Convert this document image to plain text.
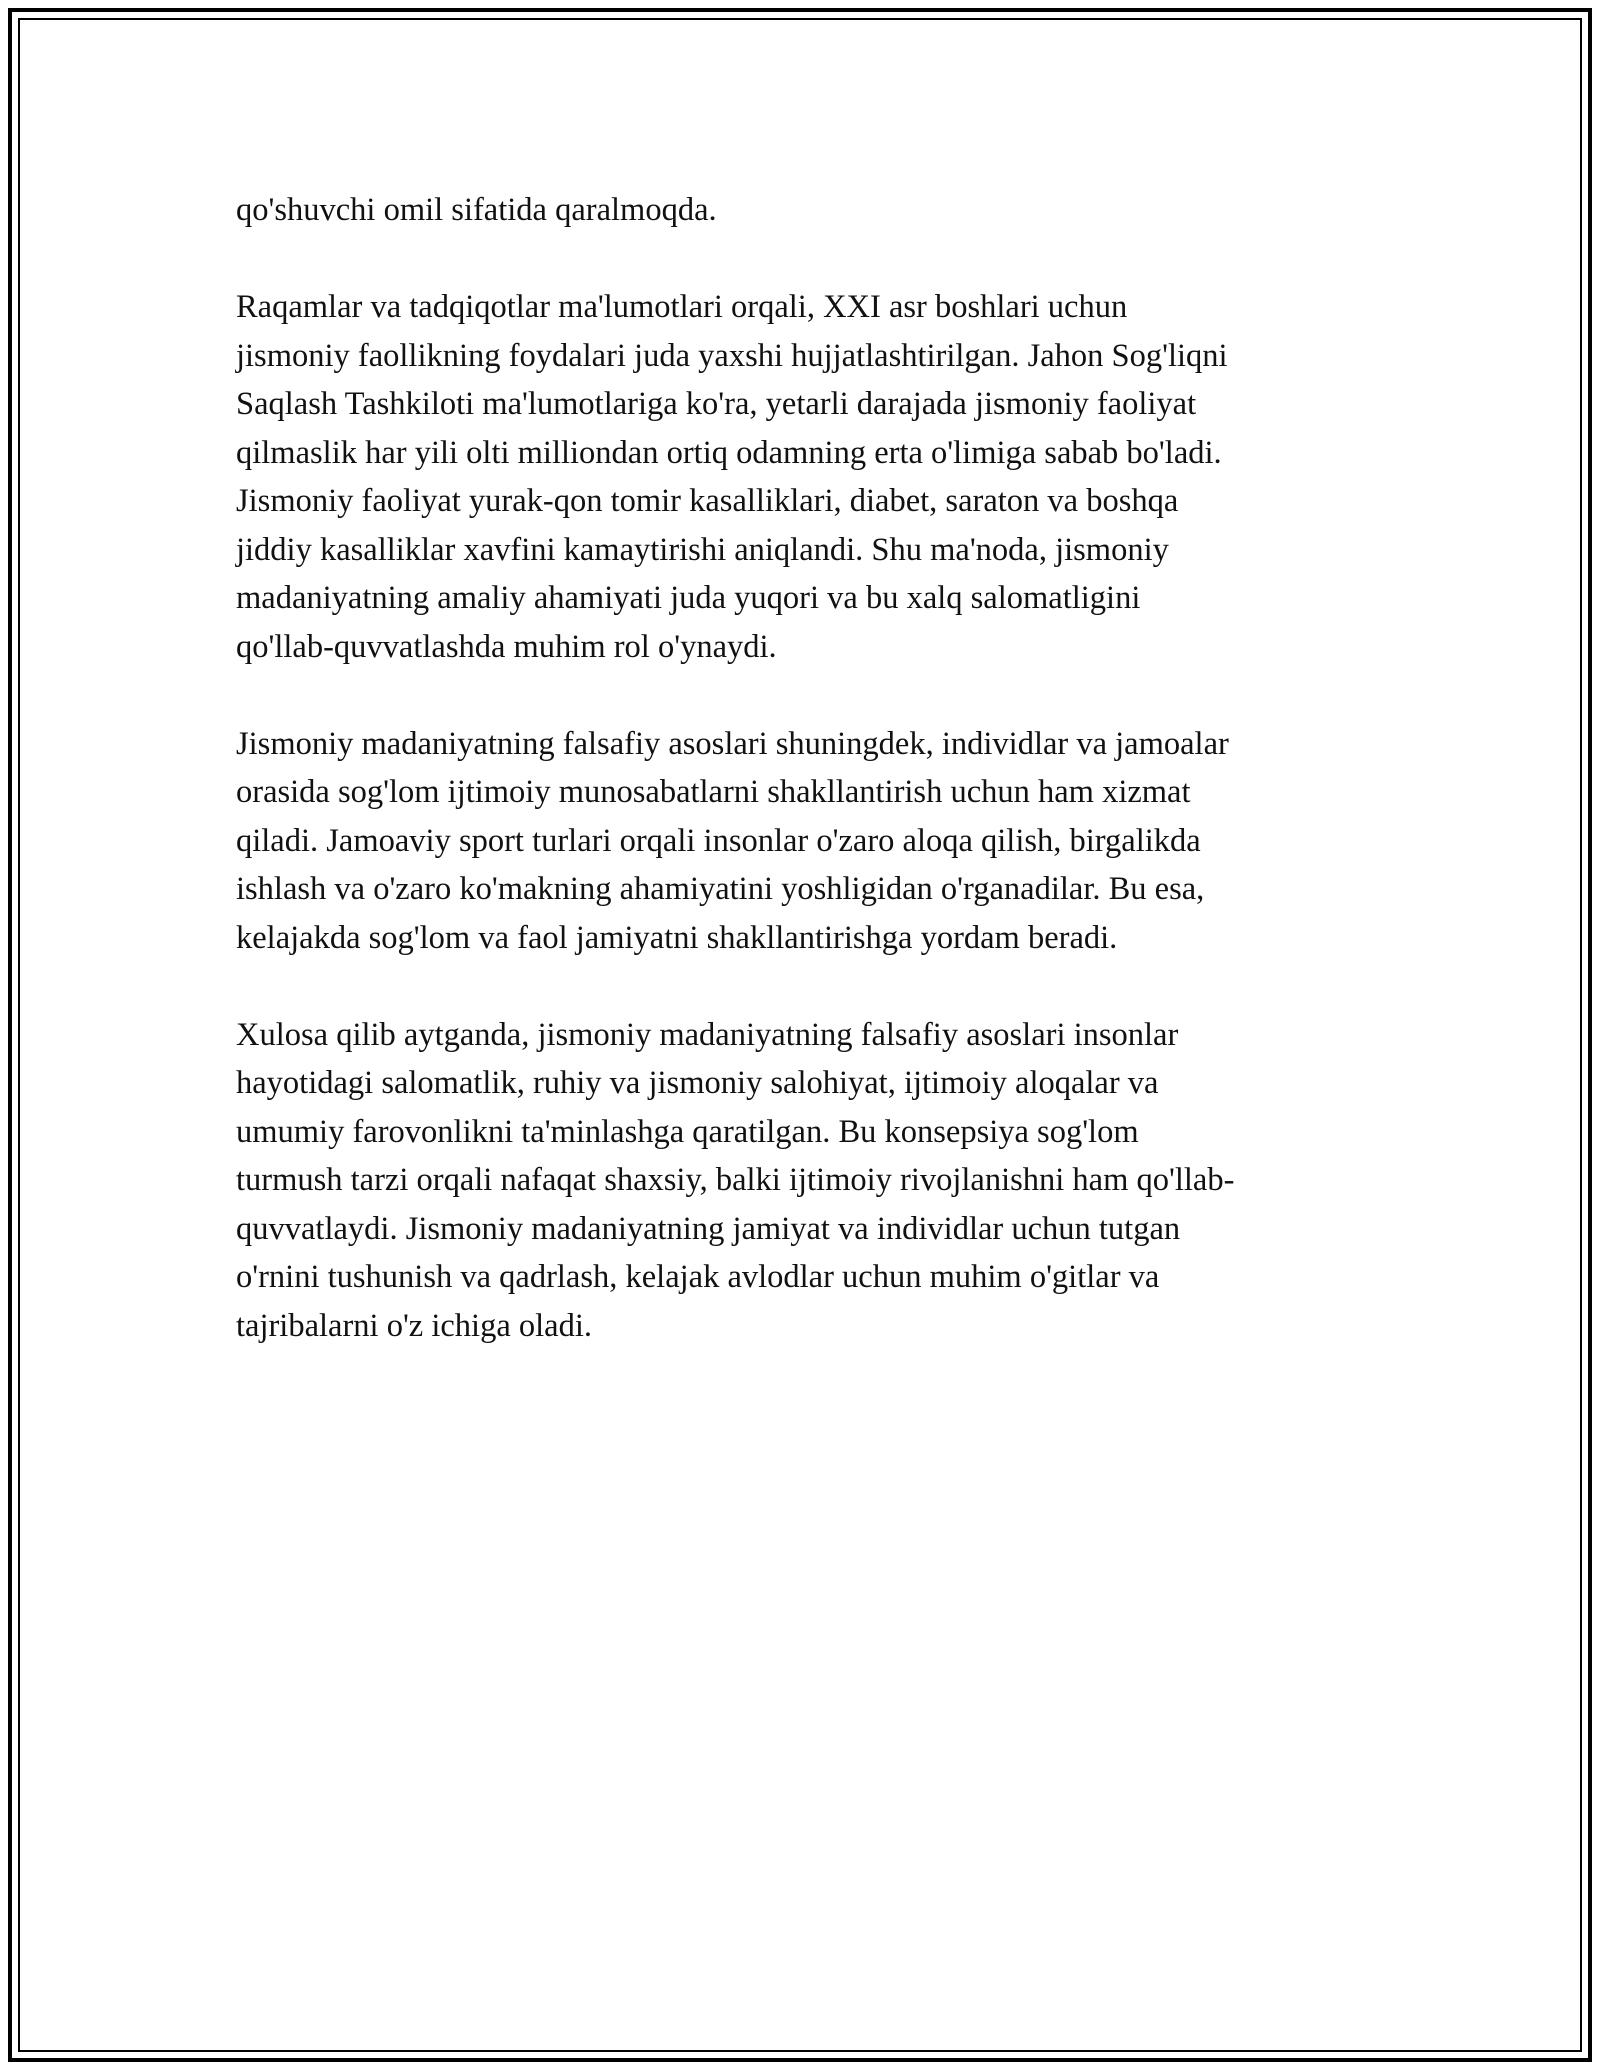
qo'shuvchi omil sifatida qaralmoqda.

Raqamlar va tadqiqotlar ma'lumotlari orqali, XXI asr boshlari uchun
jismoniy faollikning foydalari juda yaxshi hujjatlashtirilgan. Jahon Sog'liqni
Saqlash Tashkiloti ma'lumotlariga ko'ra, yetarli darajada jismoniy faoliyat
qilmaslik har yili olti milliondan ortiq odamning erta o'limiga sabab bo'ladi.
Jismoniy faoliyat yurak-qon tomir kasalliklari, diabet, saraton va boshqa
jiddiy kasalliklar xavfini kamaytirishi aniqlandi. Shu ma'noda, jismoniy
madaniyatning amaliy ahamiyati juda yuqori va bu xalq salomatligini
qo'llab-quvvatlashda muhim rol o'ynaydi.

Jismoniy madaniyatning falsafiy asoslari shuningdek, individlar va jamoalar
orasida sog'lom ijtimoiy munosabatlarni shakllantirish uchun ham xizmat
qiladi. Jamoaviy sport turlari orqali insonlar o'zaro aloqa qilish, birgalikda
ishlash va o'zaro ko'makning ahamiyatini yoshligidan o'rganadilar. Bu esa,
kelajakda sog'lom va faol jamiyatni shakllantirishga yordam beradi.

Xulosa qilib aytganda, jismoniy madaniyatning falsafiy asoslari insonlar
hayotidagi salomatlik, ruhiy va jismoniy salohiyat, ijtimoiy aloqalar va
umumiy farovonlikni ta'minlashga qaratilgan. Bu konsepsiya sog'lom
turmush tarzi orqali nafaqat shaxsiy, balki ijtimoiy rivojlanishni ham qo'llab-
quvvatlaydi. Jismoniy madaniyatning jamiyat va individlar uchun tutgan
o'rnini tushunish va qadrlash, kelajak avlodlar uchun muhim o'gitlar va
tajribalarni o'z ichiga oladi.
